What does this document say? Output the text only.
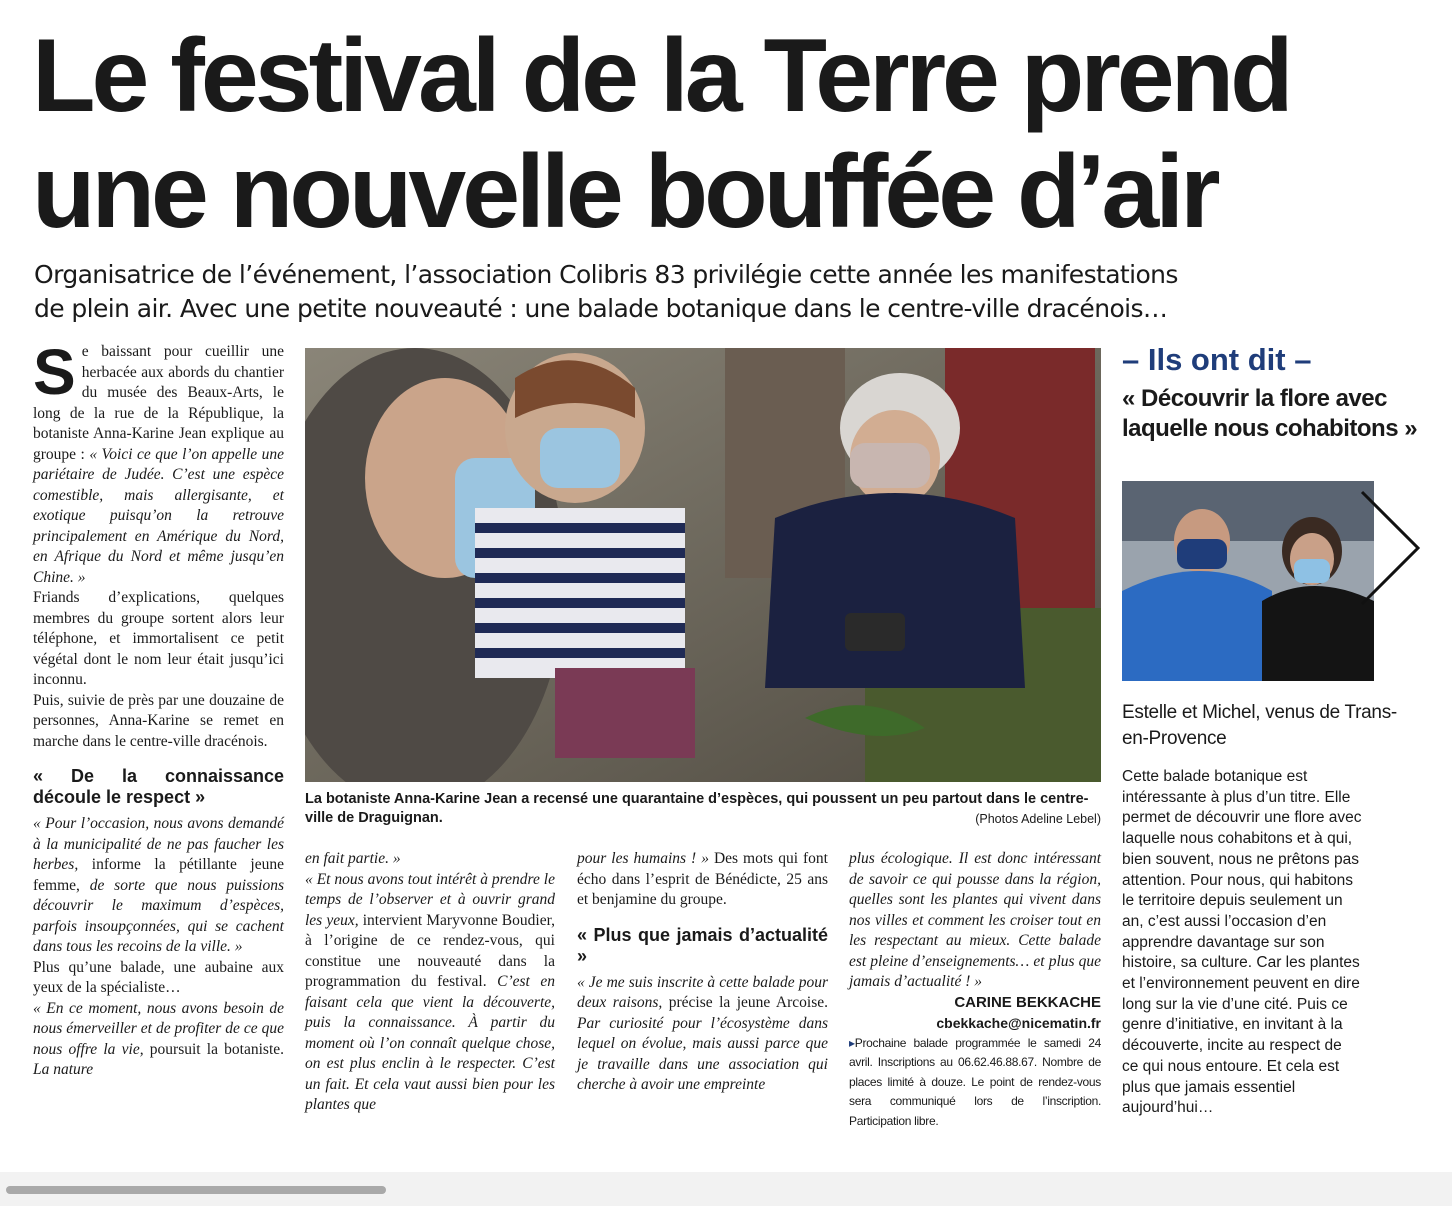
Le festival de la Terre prend
une nouvelle bouffée d’air

Organisatrice de l’événement, l’association Colibris 83 privilégie cette année les manifestations
de plein air. Avec une petite nouveauté : une balade botanique dans le centre-ville dracénois…

Se baissant pour cueillir une herbacée aux abords du chantier du musée des Beaux-Arts, le long de la rue de la République, la botaniste Anna-Karine Jean explique au groupe : « Voici ce que l’on appelle une pariétaire de Judée. C’est une espèce comestible, mais allergisante, et exotique puisqu’on la retrouve principalement en Amérique du Nord, en Afrique du Nord et même jusqu’en Chine. »

Friands d’explications, quelques membres du groupe sortent alors leur téléphone, et immortalisent ce petit végétal dont le nom leur était jusqu’ici inconnu.

Puis, suivie de près par une douzaine de personnes, Anna-Karine se remet en marche dans le centre-ville dracénois.

« De la connaissance découle le respect »

« Pour l’occasion, nous avons demandé à la municipalité de ne pas faucher les herbes, informe la pétillante jeune femme, de sorte que nous puissions découvrir le maximum d’espèces, parfois insoupçonnées, qui se cachent dans tous les recoins de la ville. »

Plus qu’une balade, une aubaine aux yeux de la spécialiste…

« En ce moment, nous avons besoin de nous émerveiller et de profiter de ce que nous offre la vie, poursuit la botaniste. La nature

La botaniste Anna-Karine Jean a recensé une quarantaine d’espèces, qui poussent un peu partout dans le centre-ville de Draguignan.	(Photos Adeline Lebel)

en fait partie. »
« Et nous avons tout intérêt à prendre le temps de l’observer et à ouvrir grand les yeux, intervient Maryvonne Boudier, à l’origine de ce rendez-vous, qui constitue une nouveauté dans la programmation du festival. C’est en faisant cela que vient la découverte, puis la connaissance. À partir du moment où l’on connaît quelque chose, on est plus enclin à le respecter. C’est un fait. Et cela vaut aussi bien pour les plantes que

pour les humains ! » Des mots qui font écho dans l’esprit de Bénédicte, 25 ans et benjamine du groupe.

« Plus que jamais d’actualité »

« Je me suis inscrite à cette balade pour deux raisons, précise la jeune Arcoise. Par curiosité pour l’écosystème dans lequel on évolue, mais aussi parce que je travaille dans une association qui cherche à avoir une empreinte

plus écologique. Il est donc intéressant de savoir ce qui pousse dans la région, quelles sont les plantes qui vivent dans nos villes et comment les croiser tout en les respectant au mieux. Cette balade est pleine d’enseignements… et plus que jamais d’actualité ! »

CARINE BEKKACHE

cbekkache@nicematin.fr

▸Prochaine balade programmée le samedi 24 avril. Inscriptions au 06.62.46.88.67. Nombre de places limité à douze. Le point de rendez-vous sera communiqué lors de l’inscription. Participation libre.

– Ils ont dit –

« Découvrir la flore avec laquelle nous cohabitons »

Estelle et Michel, venus de Trans-en-Provence

Cette balade botanique est intéressante à plus d’un titre. Elle permet de découvrir une flore avec laquelle nous cohabitons et à qui, bien souvent, nous ne prêtons pas attention. Pour nous, qui habitons le territoire depuis seulement un an, c’est aussi l’occasion d’en apprendre davantage sur son histoire, sa culture. Car les plantes et l’environnement peuvent en dire long sur la vie d’une cité. Puis ce genre d’initiative, en invitant à la découverte, incite au respect de ce qui nous entoure. Et cela est plus que jamais essentiel aujourd’hui…
